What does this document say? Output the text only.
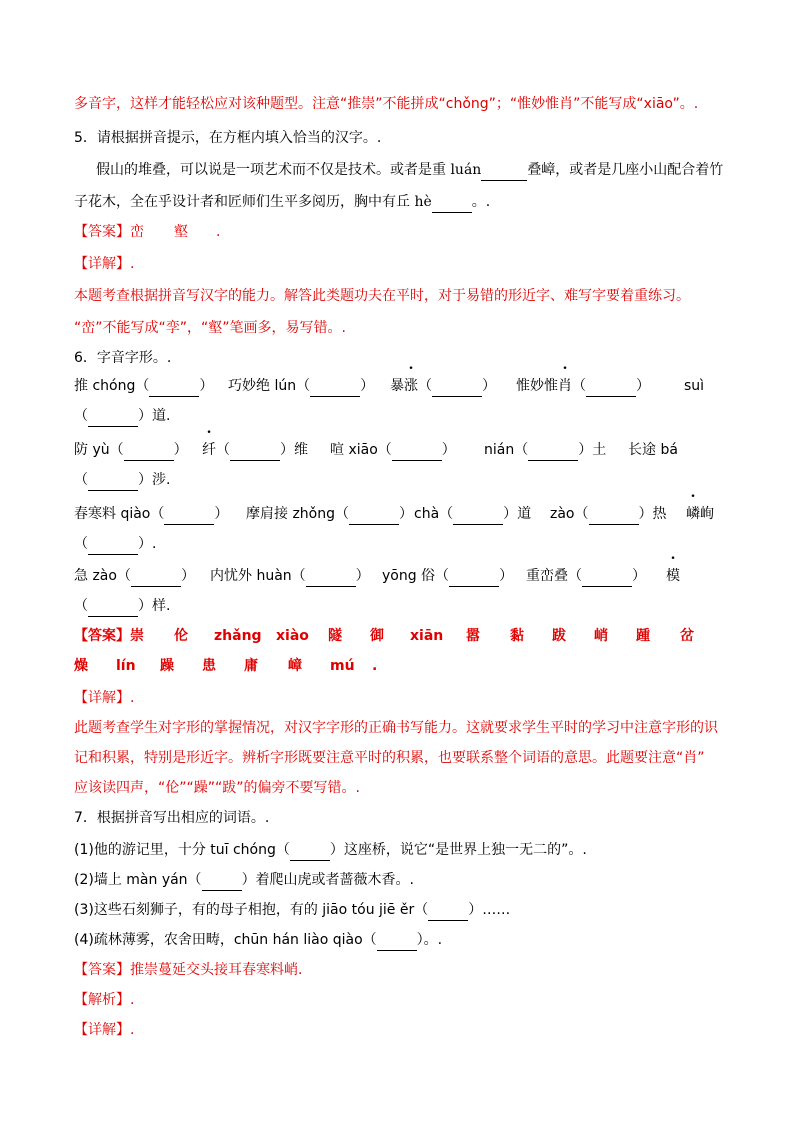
多音字，这样才能轻松应对该种题型。注意“推崇”不能拼成“chǒng”；“惟妙惟肖”不能写成“xiāo”。.
5．请根据拼音提示，在方框内填入恰当的汉字。.
假山的堆叠，可以说是一项艺术而不仅是技术。或者是重 luán	叠嶂，或者是几座小山配合着竹
子花木，全在乎设计者和匠师们生平多阅历，胸中有丘 hè	。.
【答案】峦 壑 .
【详解】.
本题考查根据拼音写汉字的能力。解答此类题功夫在平时，对于易错的形近字、难写字要着重练习。
“峦”不能写成“孪”，“壑”笔画多，易写错。.
6．字音字形。.
推 chóng（	） 巧妙绝 lún（	） 暴涨（	） 惟妙惟肖（	） suì
（	）道.
防 yù（	） 纤（	）维 喧 xiāo（	） nián（	）土 长途 bá
（	）涉.
春寒料 qiào（	） 摩肩接 zhǒng（	） chà（	）道 zào（	）热 嶙峋
（	）.
急 zào（	） 内忧外 huàn（	） yōng 俗（	） 重峦叠（	） 模
（	）样.
【答案】 崇 伦 zhǎng xiào 隧 御 xiān 嚣 黏 跋 峭 踵 岔
燥 lín 躁 患 庸 嶂 mú .
【详解】.
此题考查学生对字形的掌握情况，对汉字字形的正确书写能力。这就要求学生平时的学习中注意字形的识
记和积累，特别是形近字。辨析字形既要注意平时的积累，也要联系整个词语的意思。此题要注意“肖”
应该读四声，“伦”“躁”“跋”的偏旁不要写错。.
7．根据拼音写出相应的词语。.
(1)他的游记里，十分 tuī chóng（	）这座桥，说它“是世界上独一无二的”。.
(2)墙上 màn yán（	）着爬山虎或者蔷薇木香。.
(3)这些石刻狮子，有的母子相抱，有的 jiāo tóu jiē ěr（	）……
(4)疏林薄雾，农舍田畴，chūn hán liào qiào（	）。.
【答案】推崇蔓延交头接耳春寒料峭.
【解析】.
【详解】.
